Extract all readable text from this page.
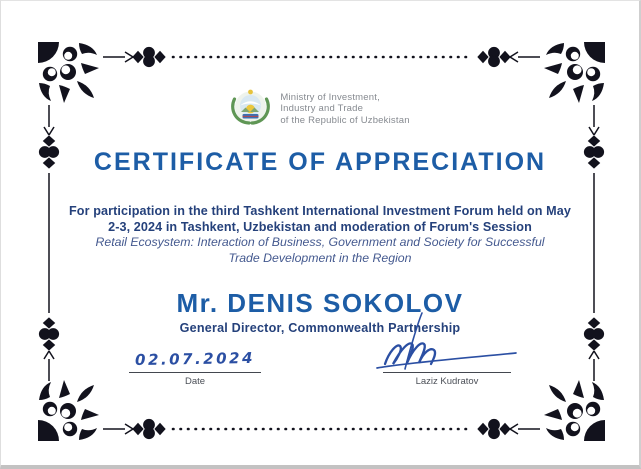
Ministry of Investment,
Industry and Trade
of the Republic of Uzbekistan
CERTIFICATE OF APPRECIATION
For participation in the third Tashkent International Investment Forum held on May
2-3, 2024 in Tashkent, Uzbekistan and moderation of Forum's Session
Retail Ecosystem: Interaction of Business, Government and Society for Successful
Trade Development in the Region
Mr. DENIS SOKOLOV
General Director, Commonwealth Partnership
02.07.2024
Date	Laziz Kudratov
